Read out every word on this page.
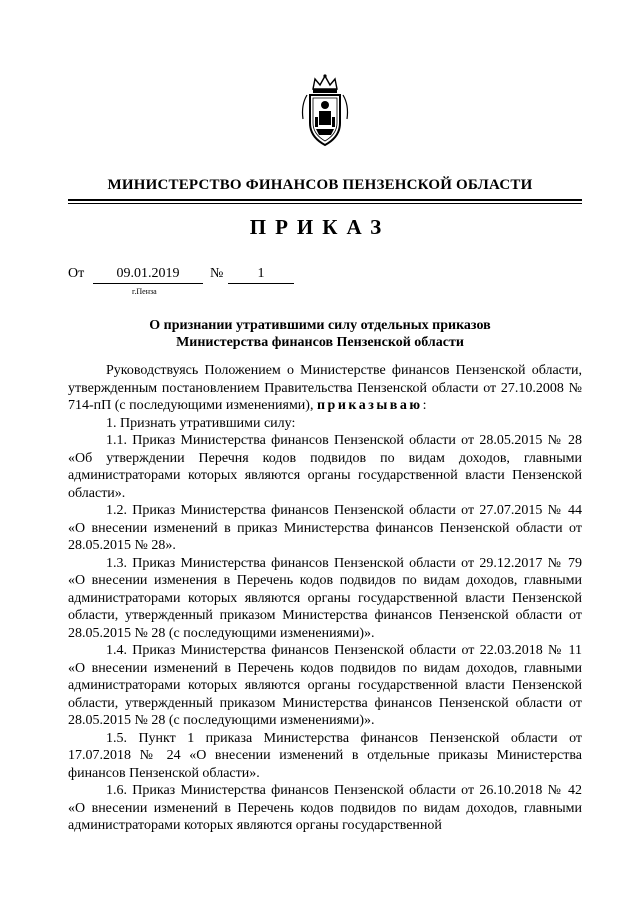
МИНИСТЕРСТВО ФИНАНСОВ ПЕНЗЕНСКОЙ ОБЛАСТИ
ПРИКАЗ
От	09.01.2019	№	1
г.Пенза
О признании утратившими силу отдельных приказов
Министерства финансов Пензенской области

Руководствуясь Положением о Министерстве финансов Пензенской области, утвержденным постановлением Правительства Пензенской области от 27.10.2008 № 714-пП (с последующими изменениями), приказываю:

1. Признать утратившими силу:

1.1. Приказ Министерства финансов Пензенской области от 28.05.2015 № 28 «Об утверждении Перечня кодов подвидов по видам доходов, главными администраторами которых являются органы государственной власти Пензенской области».

1.2. Приказ Министерства финансов Пензенской области от 27.07.2015 № 44 «О внесении изменений в приказ Министерства финансов Пензенской области от 28.05.2015 № 28».

1.3. Приказ Министерства финансов Пензенской области от 29.12.2017 № 79 «О внесении изменения в Перечень кодов подвидов по видам доходов, главными администраторами которых являются органы государственной власти Пензенской области, утвержденный приказом Министерства финансов Пензенской области от 28.05.2015 № 28 (с последующими изменениями)».

1.4. Приказ Министерства финансов Пензенской области от 22.03.2018 № 11 «О внесении изменений в Перечень кодов подвидов по видам доходов, главными администраторами которых являются органы государственной власти Пензенской области, утвержденный приказом Министерства финансов Пензенской области от 28.05.2015 № 28 (с последующими изменениями)».

1.5. Пункт 1 приказа Министерства финансов Пензенской области от 17.07.2018 № 24 «О внесении изменений в отдельные приказы Министерства финансов Пензенской области».

1.6. Приказ Министерства финансов Пензенской области от 26.10.2018 № 42 «О внесении изменений в Перечень кодов подвидов по видам доходов, главными администраторами которых являются органы государственной
